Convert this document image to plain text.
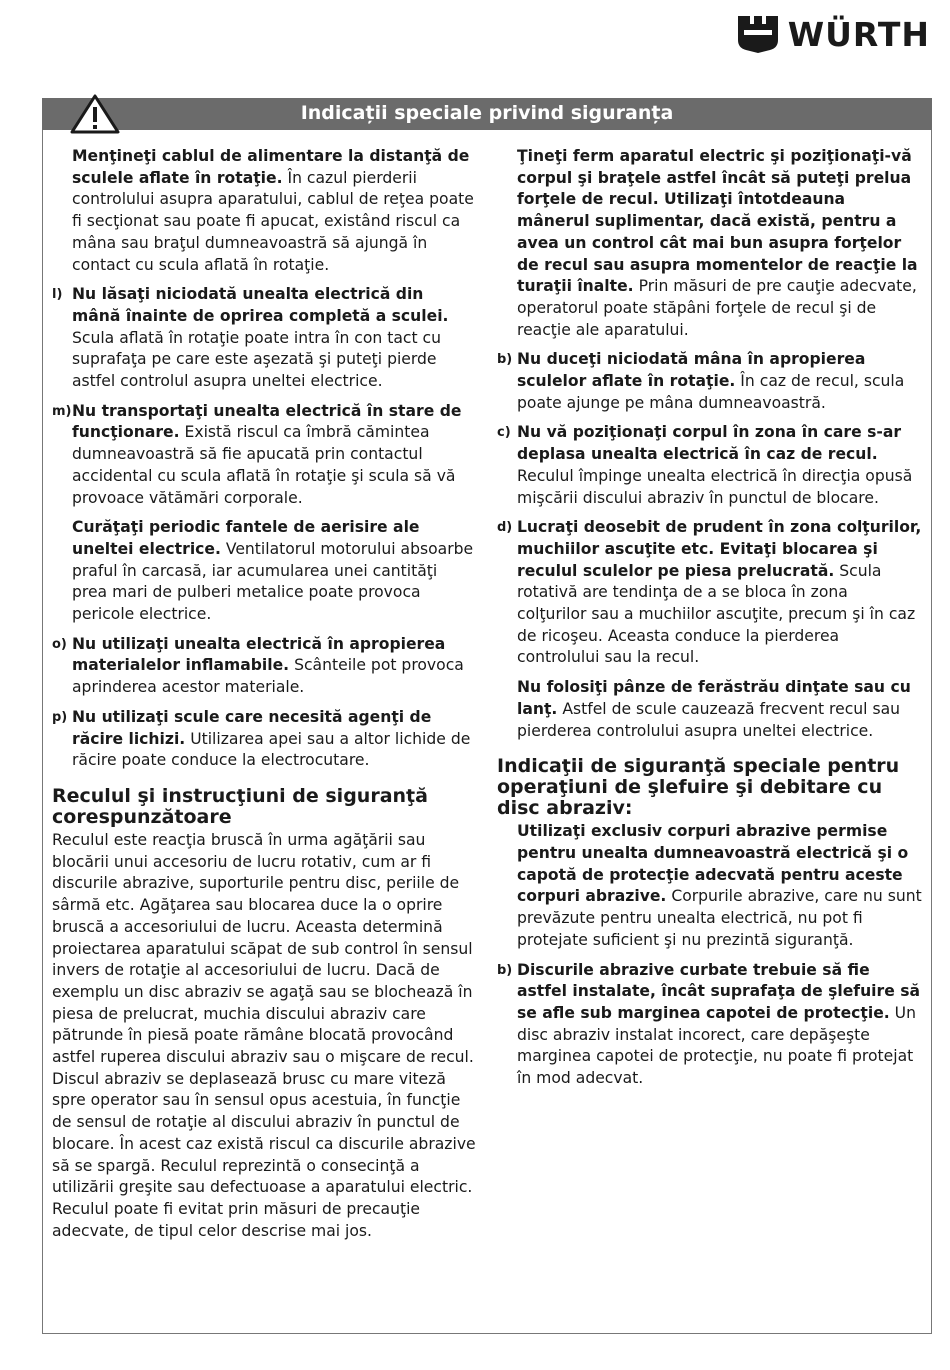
WÜRTH
Indicații speciale privind siguranța
Menţineţi cablul de alimentare la distanţă de sculele aflate în rotaţie. În cazul pierderii controlului asupra aparatului, cablul de reţea poate fi secţionat sau poate fi apucat, existând riscul ca mâna sau braţul dumneavoastră să ajungă în contact cu scula aflată în rotaţie.
l) Nu lăsaţi niciodată unealta electrică din mână înainte de oprirea completă a sculei. Scula aflată în rotaţie poate intra în con tact cu suprafaţa pe care este aşezată şi puteţi pierde astfel controlul asupra uneltei electrice.
m) Nu transportaţi unealta electrică în stare de funcţionare. Există riscul ca îmbră cămintea dumneavoastră să fie apucată prin contactul accidental cu scula aflată în rotaţie şi scula să vă provoace vătămări corporale.
Curăţaţi periodic fantele de aerisire ale uneltei electrice. Ventilatorul motorului absoarbe praful în carcasă, iar acumularea unei cantităţi prea mari de pulberi metalice poate provoca pericole electrice.
o) Nu utilizaţi unealta electrică în apropierea materialelor inflamabile. Scânteile pot provoca aprinderea acestor materiale.
p) Nu utilizaţi scule care necesită agenţi de răcire lichizi. Utilizarea apei sau a altor lichide de răcire poate conduce la electrocutare.
Reculul şi instrucţiuni de siguranţă corespunzătoare

Reculul este reacţia bruscă în urma agăţării sau blocării unui accesoriu de lucru rotativ, cum ar fi discurile abrazive, suporturile pentru disc, periile de sârmă etc. Agăţarea sau blocarea duce la o oprire bruscă a accesoriului de lucru. Aceasta determină proiectarea aparatului scăpat de sub control în sensul invers de rotaţie al accesoriului de lucru. Dacă de exemplu un disc abraziv se agaţă sau se blochează în piesa de prelucrat, muchia discului abraziv care pătrunde în piesă poate rămâne blocată provocând astfel ruperea discului abraziv sau o mişcare de recul. Discul abraziv se deplasează brusc cu mare viteză spre operator sau în sensul opus acestuia, în funcţie de sensul de rotaţie al discului abraziv în punctul de blocare. În acest caz există riscul ca discurile abrazive să se spargă. Reculul reprezintă o consecinţă a utilizării greşite sau defectuoase a aparatului electric. Reculul poate fi evitat prin măsuri de precauţie adecvate, de tipul celor descrise mai jos.

Ţineţi ferm aparatul electric şi poziţionaţi-vă corpul şi braţele astfel încât să puteţi prelua forţele de recul. Utilizaţi întotdeauna mânerul suplimentar, dacă există, pentru a avea un control cât mai bun asupra forţelor de recul sau asupra momentelor de reacţie la turaţii înalte. Prin măsuri de pre cauţie adecvate, operatorul poate stăpâni forţele de recul şi de reacţie ale aparatului.
b) Nu duceţi niciodată mâna în apropierea sculelor aflate în rotaţie. În caz de recul, scula poate ajunge pe mâna dumneavoastră.
c) Nu vă poziţionaţi corpul în zona în care s-ar deplasa unealta electrică în caz de recul. Reculul împinge unealta electrică în direcţia opusă mişcării discului abraziv în punctul de blocare.
d) Lucraţi deosebit de prudent în zona colţurilor, muchiilor ascuţite etc. Evitaţi blocarea şi reculul sculelor pe piesa prelucrată. Scula rotativă are tendinţa de a se bloca în zona colţurilor sau a muchiilor ascuţite, precum şi în caz de ricoşeu. Aceasta conduce la pierderea controlului sau la recul.
Nu folosiţi pânze de ferăstrău dinţate sau cu lanţ. Astfel de scule cauzează frecvent recul sau pierderea controlului asupra uneltei electrice.
Indicaţii de siguranţă speciale pentru operaţiuni de şlefuire şi debitare cu disc abraziv:
Utilizaţi exclusiv corpuri abrazive permise pentru unealta dumneavoastră electrică şi o capotă de protecţie adecvată pentru aceste corpuri abrazive. Corpurile abrazive, care nu sunt prevăzute pentru unealta electrică, nu pot fi protejate suficient şi nu prezintă siguranţă.
b) Discurile abrazive curbate trebuie să fie astfel instalate, încât suprafaţa de şlefuire să se afle sub marginea capotei de protecţie. Un disc abraziv instalat incorect, care depăşeşte marginea capotei de protecţie, nu poate fi protejat în mod adecvat.
